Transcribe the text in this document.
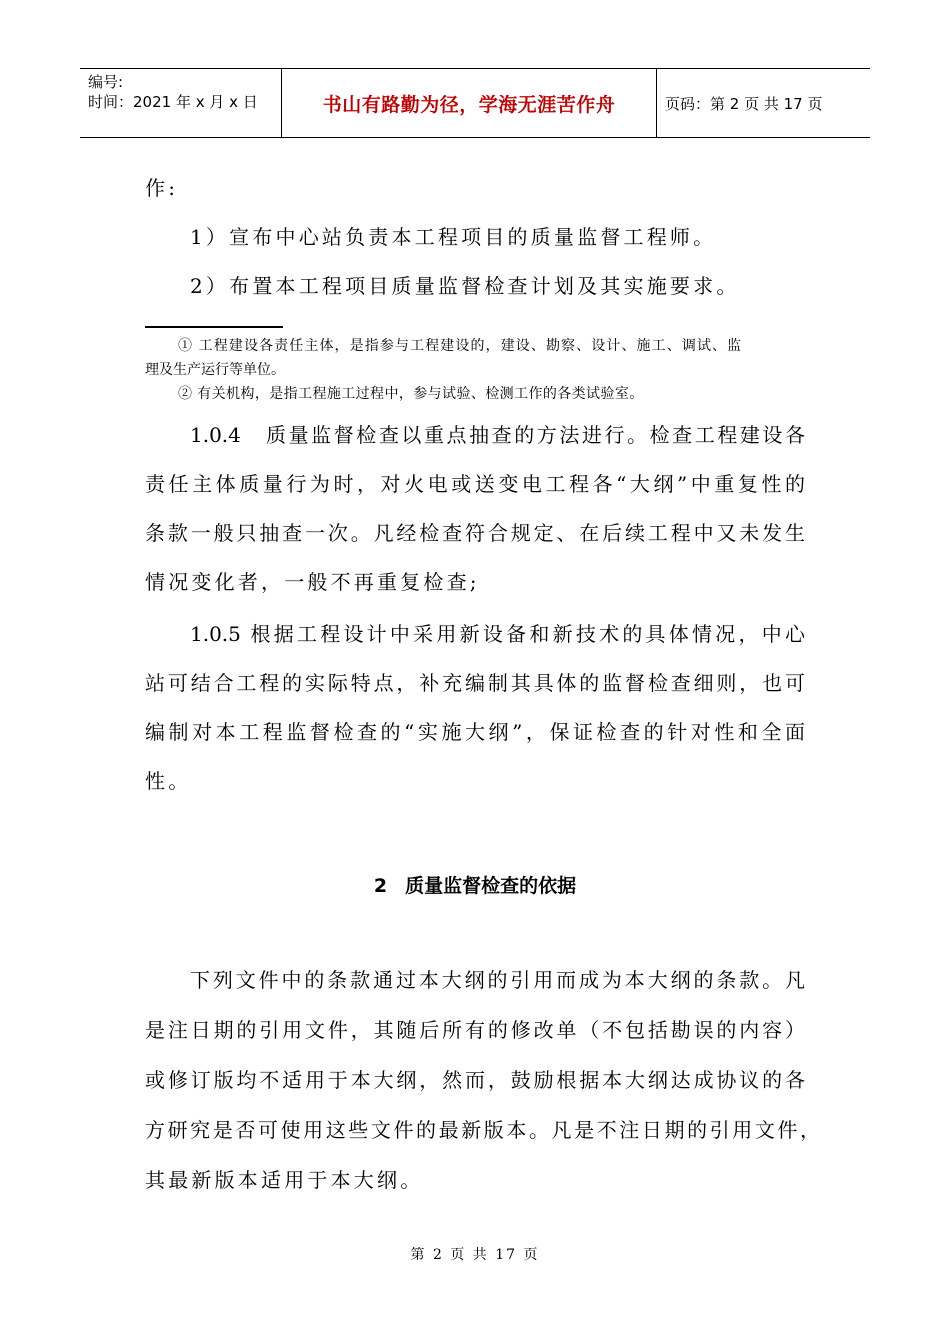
编号:
时间：2021 年 x 月 x 日	书山有路勤为径，学海无涯苦作舟	页码：第 2 页 共 17 页
作:
1）宣布中心站负责本工程项目的质量监督工程师。
2）布置本工程项目质量监督检查计划及其实施要求。
① 工程建设各责任主体，是指参与工程建设的，建设、勘察、设计、施工、调试、监
理及生产运行等单位。
② 有关机构，是指工程施工过程中，参与试验、检测工作的各类试验室。
1.0.4　质量监督检查以重点抽查的方法进行。检查工程建设各
责任主体质量行为时，对火电或送变电工程各“大纲”中重复性的
条款一般只抽查一次。凡经检查符合规定、在后续工程中又未发生
情况变化者，一般不再重复检查;
1.0.5 根据工程设计中采用新设备和新技术的具体情况，中心
站可结合工程的实际特点，补充编制其具体的监督检查细则，也可
编制对本工程监督检查的“实施大纲”，保证检查的针对性和全面
性。
2 质量监督检查的依据
下列文件中的条款通过本大纲的引用而成为本大纲的条款。凡
是注日期的引用文件，其随后所有的修改单（不包括勘误的内容）
或修订版均不适用于本大纲，然而，鼓励根据本大纲达成协议的各
方研究是否可使用这些文件的最新版本。凡是不注日期的引用文件，
其最新版本适用于本大纲。
第 2 页 共 17 页
